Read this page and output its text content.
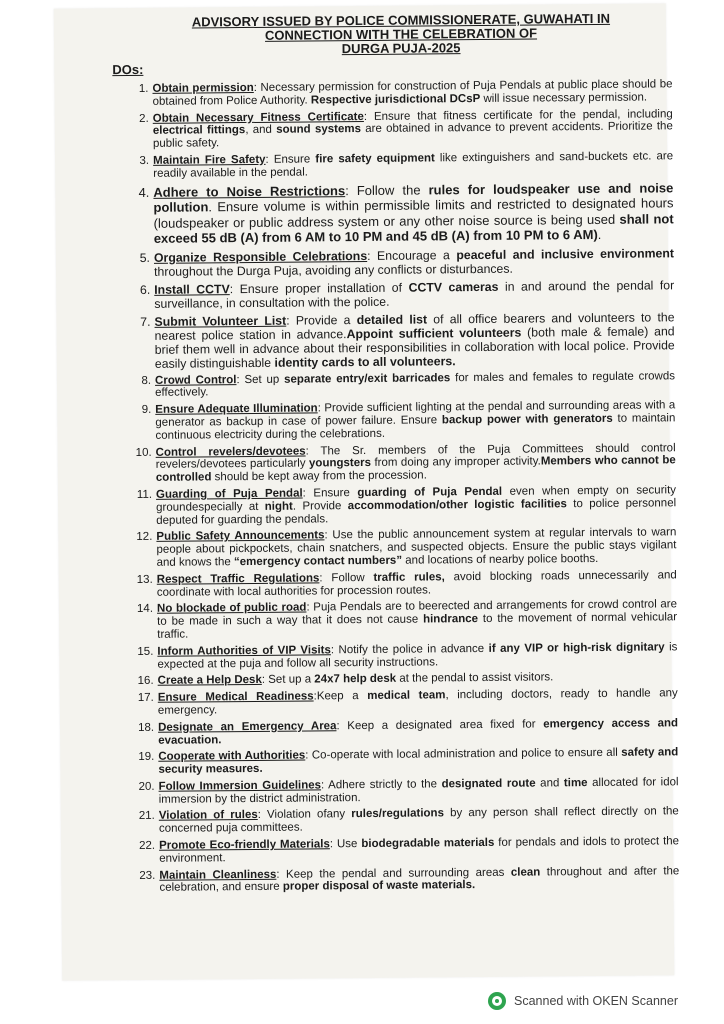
ADVISORY ISSUED BY POLICE COMMISSIONERATE, GUWAHATI IN
CONNECTION WITH THE CELEBRATION OF
DURGA PUJA-2025
DOs:
1. Obtain permission: Necessary permission for construction of Puja Pendals at public place should be obtained from Police Authority. Respective jurisdictional DCsP will issue necessary permission.
2. Obtain Necessary Fitness Certificate: Ensure that fitness certificate for the pendal, including electrical fittings, and sound systems are obtained in advance to prevent accidents. Prioritize the public safety.
3. Maintain Fire Safety: Ensure fire safety equipment like extinguishers and sand-buckets etc. are readily available in the pendal.
4. Adhere to Noise Restrictions: Follow the rules for loudspeaker use and noise pollution. Ensure volume is within permissible limits and restricted to designated hours (loudspeaker or public address system or any other noise source is being used shall not exceed 55 dB (A) from 6 AM to 10 PM and 45 dB (A) from 10 PM to 6 AM).
5. Organize Responsible Celebrations: Encourage a peaceful and inclusive environment throughout the Durga Puja, avoiding any conflicts or disturbances.
6. Install CCTV: Ensure proper installation of CCTV cameras in and around the pendal for surveillance, in consultation with the police.
7. Submit Volunteer List: Provide a detailed list of all office bearers and volunteers to the nearest police station in advance.Appoint sufficient volunteers (both male & female) and brief them well in advance about their responsibilities in collaboration with local police. Provide easily distinguishable identity cards to all volunteers.
8. Crowd Control: Set up separate entry/exit barricades for males and females to regulate crowds effectively.
9. Ensure Adequate Illumination: Provide sufficient lighting at the pendal and surrounding areas with a generator as backup in case of power failure. Ensure backup power with generators to maintain continuous electricity during the celebrations.
10. Control revelers/devotees: The Sr. members of the Puja Committees should control revelers/devotees particularly youngsters from doing any improper activity.Members who cannot be controlled should be kept away from the procession.
11. Guarding of Puja Pendal: Ensure guarding of Puja Pendal even when empty on security groundespecially at night. Provide accommodation/other logistic facilities to police personnel deputed for guarding the pendals.
12. Public Safety Announcements: Use the public announcement system at regular intervals to warn people about pickpockets, chain snatchers, and suspected objects. Ensure the public stays vigilant and knows the “emergency contact numbers” and locations of nearby police booths.
13. Respect Traffic Regulations: Follow traffic rules, avoid blocking roads unnecessarily and coordinate with local authorities for procession routes.
14. No blockade of public road: Puja Pendals are to beerected and arrangements for crowd control are to be made in such a way that it does not cause hindrance to the movement of normal vehicular traffic.
15. Inform Authorities of VIP Visits: Notify the police in advance if any VIP or high-risk dignitary is expected at the puja and follow all security instructions.
16. Create a Help Desk: Set up a 24x7 help desk at the pendal to assist visitors.
17. Ensure Medical Readiness:Keep a medical team, including doctors, ready to handle any emergency.
18. Designate an Emergency Area: Keep a designated area fixed for emergency access and evacuation.
19. Cooperate with Authorities: Co-operate with local administration and police to ensure all safety and security measures.
20. Follow Immersion Guidelines: Adhere strictly to the designated route and time allocated for idol immersion by the district administration.
21. Violation of rules: Violation ofany rules/regulations by any person shall reflect directly on the concerned puja committees.
22. Promote Eco-friendly Materials: Use biodegradable materials for pendals and idols to protect the environment.
23. Maintain Cleanliness: Keep the pendal and surrounding areas clean throughout and after the celebration, and ensure proper disposal of waste materials.
Scanned with OKEN Scanner
